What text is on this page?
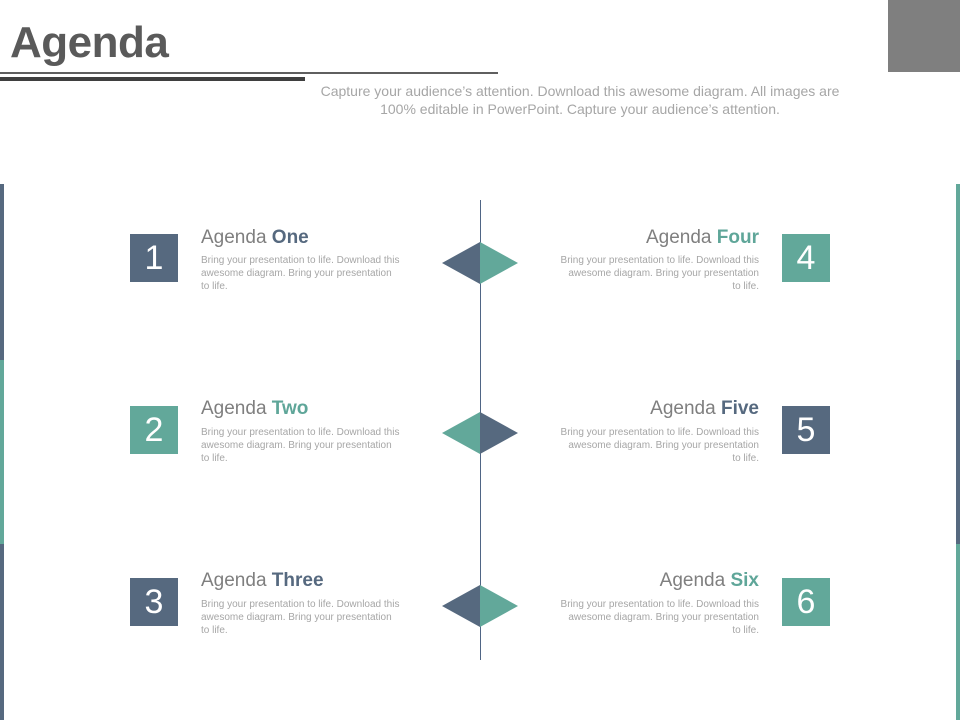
Agenda
Capture your audience’s attention. Download this awesome diagram. All images are 100% editable in PowerPoint. Capture your audience’s attention.
1
Agenda One
Bring your presentation to life. Download this awesome diagram. Bring your presentation to life.
2
Agenda Two
Bring your presentation to life. Download this awesome diagram. Bring your presentation to life.
3
Agenda Three
Bring your presentation to life. Download this awesome diagram. Bring your presentation to life.
4
Agenda Four
Bring your presentation to life. Download this awesome diagram. Bring your presentation to life.
5
Agenda Five
Bring your presentation to life. Download this awesome diagram. Bring your presentation to life.
6
Agenda Six
Bring your presentation to life. Download this awesome diagram. Bring your presentation to life.
